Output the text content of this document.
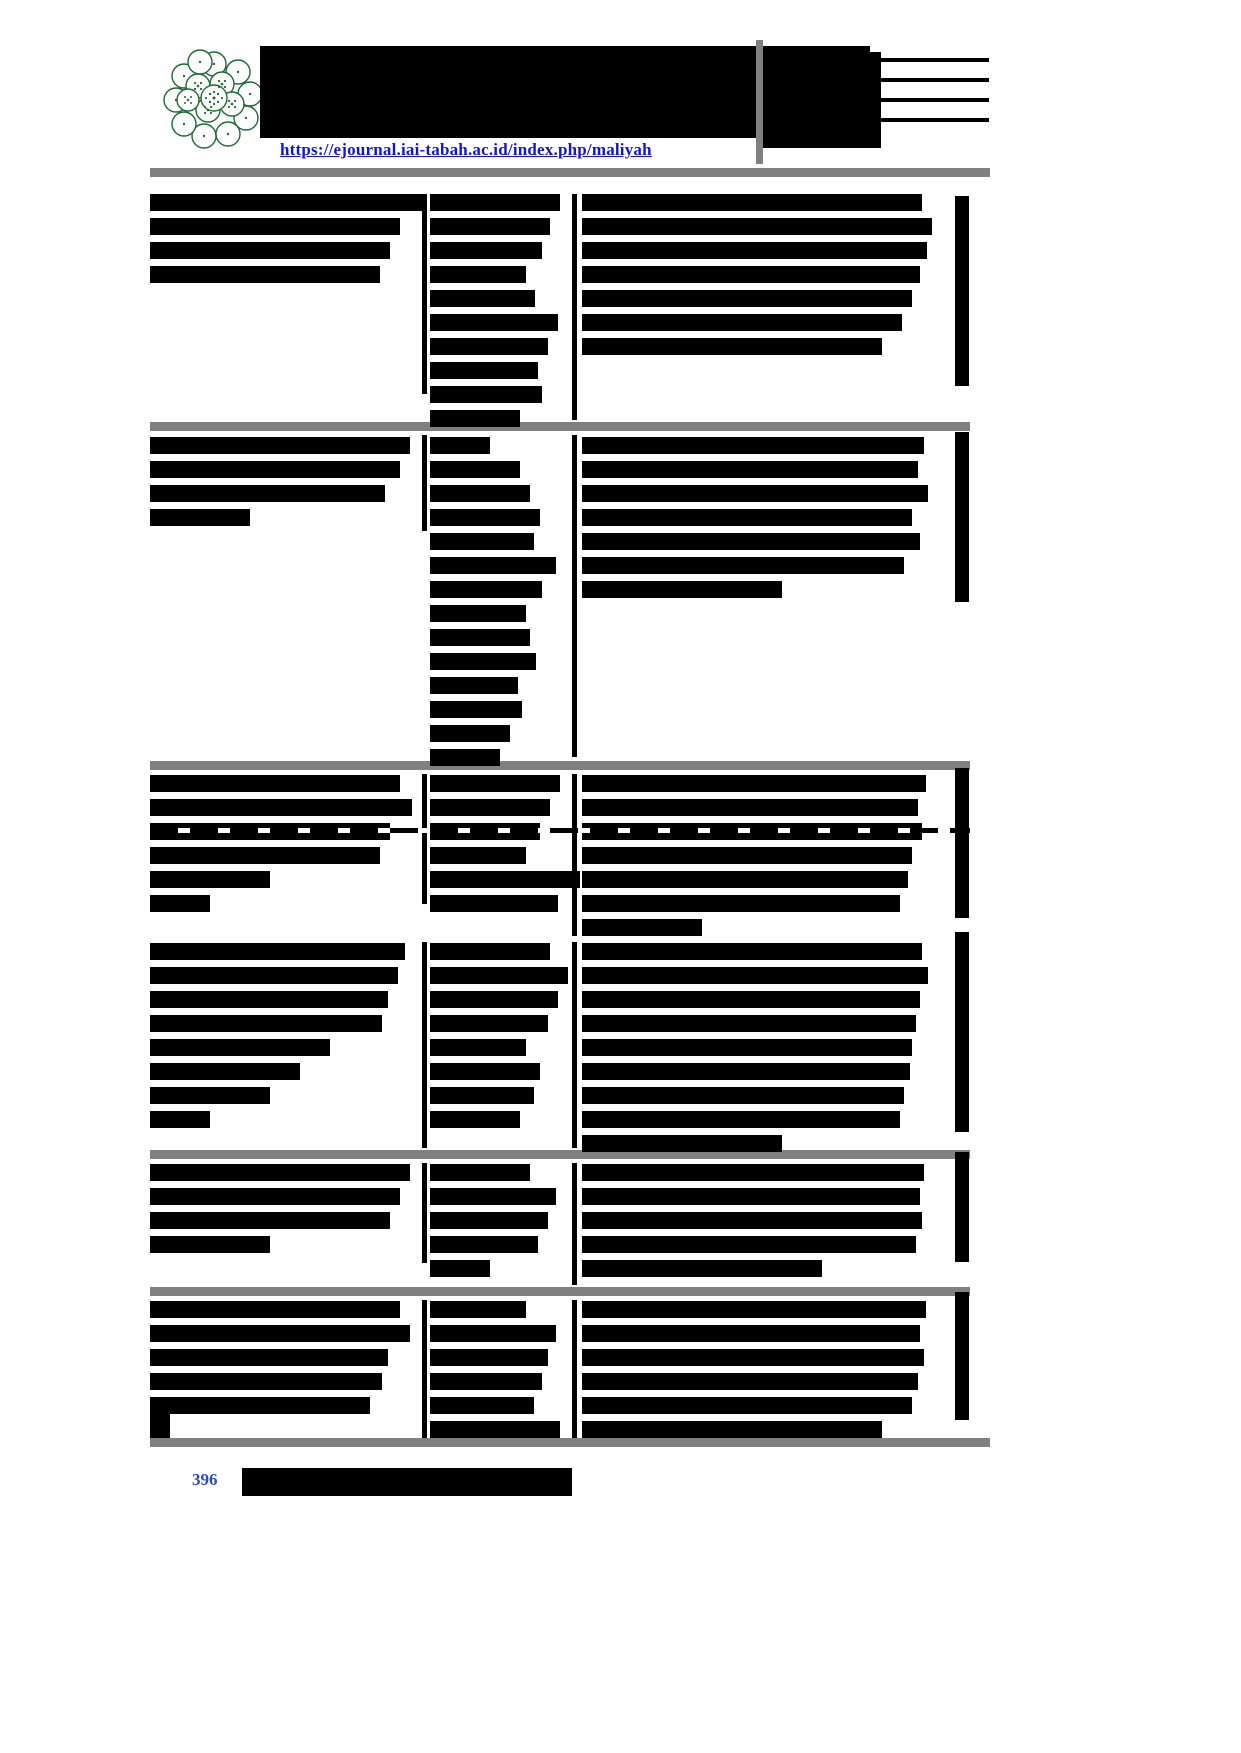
https://ejournal.iai-tabah.ac.id/index.php/maliyah
396
